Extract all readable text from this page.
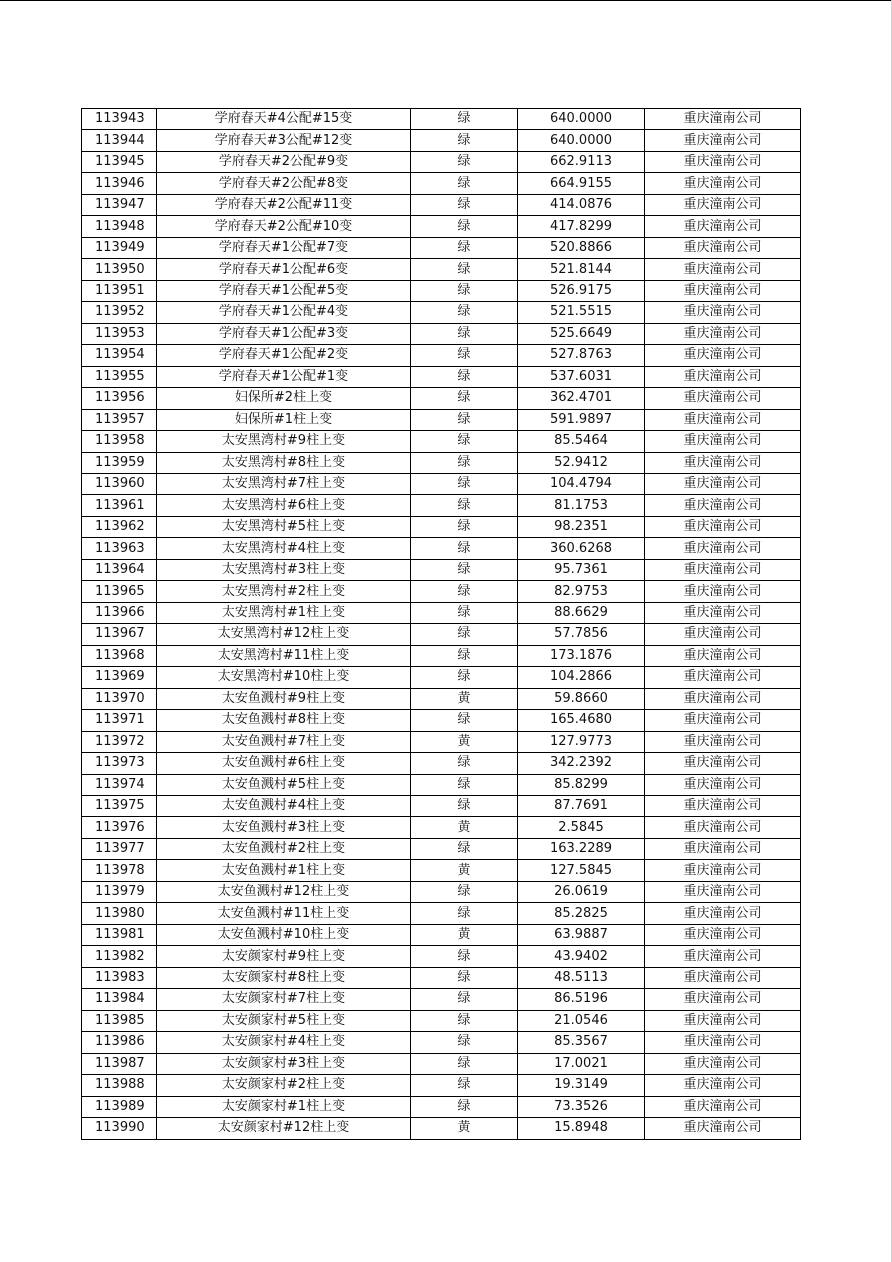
113943	学府春天#4公配#15变	绿	640.0000	重庆潼南公司
113944	学府春天#3公配#12变	绿	640.0000	重庆潼南公司
113945	学府春天#2公配#9变	绿	662.9113	重庆潼南公司
113946	学府春天#2公配#8变	绿	664.9155	重庆潼南公司
113947	学府春天#2公配#11变	绿	414.0876	重庆潼南公司
113948	学府春天#2公配#10变	绿	417.8299	重庆潼南公司
113949	学府春天#1公配#7变	绿	520.8866	重庆潼南公司
113950	学府春天#1公配#6变	绿	521.8144	重庆潼南公司
113951	学府春天#1公配#5变	绿	526.9175	重庆潼南公司
113952	学府春天#1公配#4变	绿	521.5515	重庆潼南公司
113953	学府春天#1公配#3变	绿	525.6649	重庆潼南公司
113954	学府春天#1公配#2变	绿	527.8763	重庆潼南公司
113955	学府春天#1公配#1变	绿	537.6031	重庆潼南公司
113956	妇保所#2柱上变	绿	362.4701	重庆潼南公司
113957	妇保所#1柱上变	绿	591.9897	重庆潼南公司
113958	太安黑湾村#9柱上变	绿	85.5464	重庆潼南公司
113959	太安黑湾村#8柱上变	绿	52.9412	重庆潼南公司
113960	太安黑湾村#7柱上变	绿	104.4794	重庆潼南公司
113961	太安黑湾村#6柱上变	绿	81.1753	重庆潼南公司
113962	太安黑湾村#5柱上变	绿	98.2351	重庆潼南公司
113963	太安黑湾村#4柱上变	绿	360.6268	重庆潼南公司
113964	太安黑湾村#3柱上变	绿	95.7361	重庆潼南公司
113965	太安黑湾村#2柱上变	绿	82.9753	重庆潼南公司
113966	太安黑湾村#1柱上变	绿	88.6629	重庆潼南公司
113967	太安黑湾村#12柱上变	绿	57.7856	重庆潼南公司
113968	太安黑湾村#11柱上变	绿	173.1876	重庆潼南公司
113969	太安黑湾村#10柱上变	绿	104.2866	重庆潼南公司
113970	太安鱼溅村#9柱上变	黄	59.8660	重庆潼南公司
113971	太安鱼溅村#8柱上变	绿	165.4680	重庆潼南公司
113972	太安鱼溅村#7柱上变	黄	127.9773	重庆潼南公司
113973	太安鱼溅村#6柱上变	绿	342.2392	重庆潼南公司
113974	太安鱼溅村#5柱上变	绿	85.8299	重庆潼南公司
113975	太安鱼溅村#4柱上变	绿	87.7691	重庆潼南公司
113976	太安鱼溅村#3柱上变	黄	2.5845	重庆潼南公司
113977	太安鱼溅村#2柱上变	绿	163.2289	重庆潼南公司
113978	太安鱼溅村#1柱上变	黄	127.5845	重庆潼南公司
113979	太安鱼溅村#12柱上变	绿	26.0619	重庆潼南公司
113980	太安鱼溅村#11柱上变	绿	85.2825	重庆潼南公司
113981	太安鱼溅村#10柱上变	黄	63.9887	重庆潼南公司
113982	太安颜家村#9柱上变	绿	43.9402	重庆潼南公司
113983	太安颜家村#8柱上变	绿	48.5113	重庆潼南公司
113984	太安颜家村#7柱上变	绿	86.5196	重庆潼南公司
113985	太安颜家村#5柱上变	绿	21.0546	重庆潼南公司
113986	太安颜家村#4柱上变	绿	85.3567	重庆潼南公司
113987	太安颜家村#3柱上变	绿	17.0021	重庆潼南公司
113988	太安颜家村#2柱上变	绿	19.3149	重庆潼南公司
113989	太安颜家村#1柱上变	绿	73.3526	重庆潼南公司
113990	太安颜家村#12柱上变	黄	15.8948	重庆潼南公司
